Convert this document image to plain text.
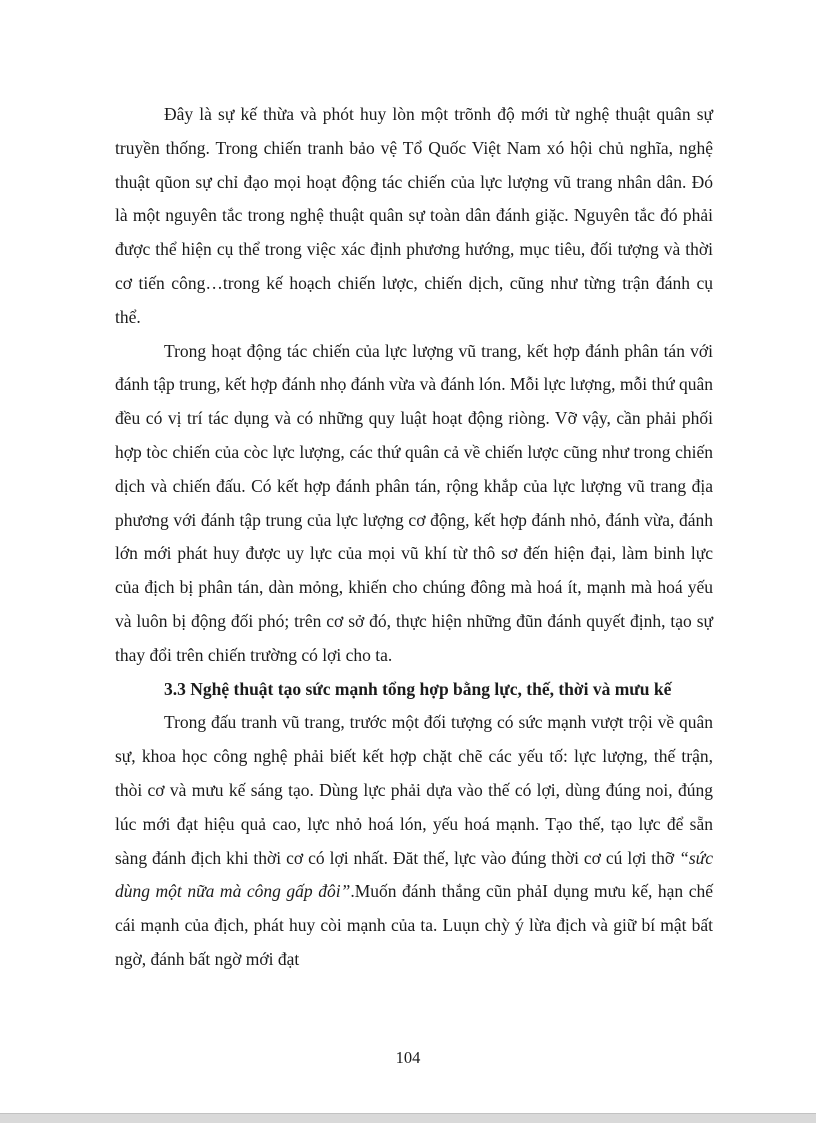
Đây là sự kế thừa và phót huy lòn một trõnh độ mới từ nghệ thuật quân sự truyền thống. Trong chiến tranh bảo vệ Tổ Quốc Việt Nam xó hội chủ nghĩa, nghệ thuật qũon sự chỉ đạo mọi hoạt động tác chiến của lực lượng vũ trang nhân dân. Đó là một nguyên tắc trong nghệ thuật quân sự toàn dân đánh giặc. Nguyên tắc đó phải được thể hiện cụ thể trong việc xác định phương hướng, mục tiêu, đối tượng và thời cơ tiến công…trong kế hoạch chiến lược, chiến dịch, cũng như từng trận đánh cụ thể.

Trong hoạt động tác chiến của lực lượng vũ trang, kết hợp đánh phân tán với đánh tập trung, kết hợp đánh nhọ đánh vừa và đánh lón. Mỗi lực lượng, mỗi thứ quân đều có vị trí tác dụng và có những quy luật hoạt động riòng. Vỡ vậy, cần phải phối hợp tòc chiến của còc lực lượng, các thứ quân cả về chiến lược cũng như trong chiến dịch và chiến đấu. Có kết hợp đánh phân tán, rộng khắp của lực lượng vũ trang địa phương với đánh tập trung của lực lượng cơ động, kết hợp đánh nhỏ, đánh vừa, đánh lớn mới phát huy được uy lực của mọi vũ khí từ thô sơ đến hiện đại, làm binh lực của địch bị phân tán, dàn mỏng, khiến cho chúng đông mà hoá ít, mạnh mà hoá yếu và luôn bị động đối phó; trên cơ sở đó, thực hiện những đũn đánh quyết định, tạo sự thay đổi trên chiến trường có lợi cho ta.

3.3 Nghệ thuật tạo sức mạnh tổng hợp bằng lực, thế, thời và mưu kế

Trong đấu tranh vũ trang, trước một đối tượng có sức mạnh vượt trội về quân sự, khoa học công nghệ phải biết kết hợp chặt chẽ các yếu tố: lực lượng, thế trận, thòi cơ và mưu kế sáng tạo. Dùng lực phải dựa vào thế có lợi, dùng đúng noi, đúng lúc mới đạt hiệu quả cao, lực nhỏ hoá lón, yếu hoá mạnh. Tạo thế, tạo lực để sẵn sàng đánh địch khi thời cơ có lợi nhất. Đăt thế, lực vào đúng thời cơ cú lợi thỡ “sức dùng một nữa mà công gấp đôi”.Muốn đánh thắng cũn phảI dụng mưu kế, hạn chế cái mạnh của địch, phát huy còi mạnh của ta. Luụn chỳ ý lừa địch và giữ bí mật bất ngờ, đánh bất ngờ mới đạt

104
